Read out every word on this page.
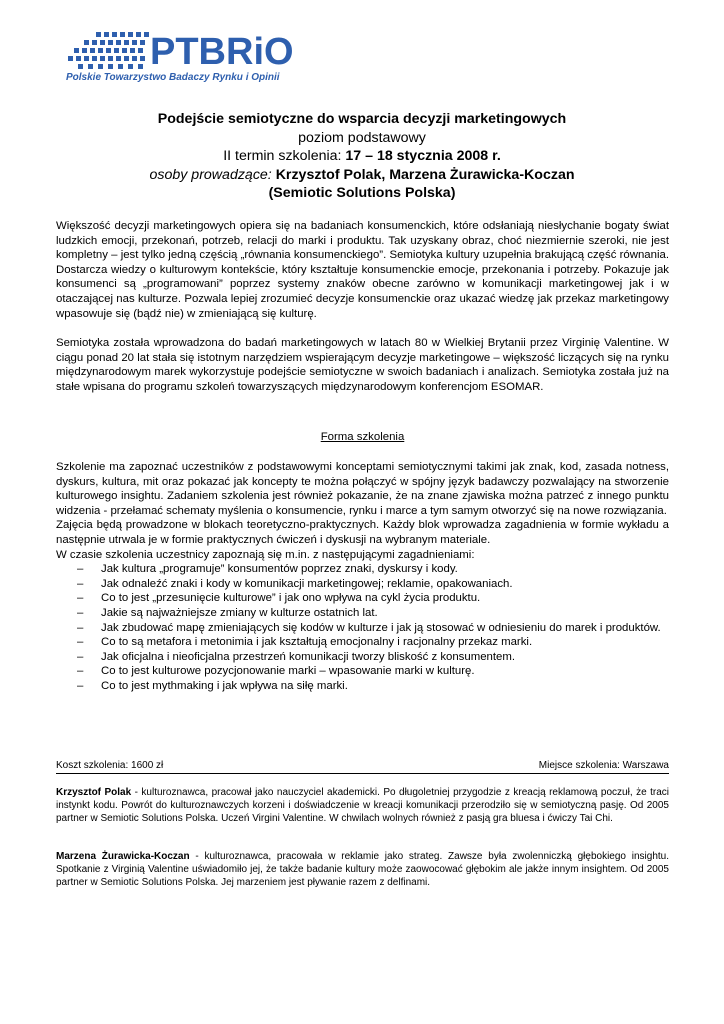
PTBRiO
Polskie Towarzystwo Badaczy Rynku i Opinii
Podejście semiotyczne do wsparcia decyzji marketingowych
poziom podstawowy
II termin szkolenia: 17 – 18 stycznia 2008 r.
osoby prowadzące: Krzysztof Polak, Marzena Żurawicka-Koczan
(Semiotic Solutions Polska)

Większość decyzji marketingowych opiera się na badaniach konsumenckich, które odsłaniają niesłychanie bogaty świat ludzkich emocji, przekonań, potrzeb, relacji do marki i produktu. Tak uzyskany obraz, choć niezmiernie szeroki, nie jest kompletny – jest tylko jedną częścią „równania konsumenckiego”. Semiotyka kultury uzupełnia brakującą część równania. Dostarcza wiedzy o kulturowym kontekście, który kształtuje konsumenckie emocje, przekonania i potrzeby. Pokazuje jak konsumenci są „programowani” poprzez systemy znaków obecne zarówno w komunikacji marketingowej jak i w otaczającej nas kulturze. Pozwala lepiej zrozumieć decyzje konsumenckie oraz ukazać wiedzę jak przekaz marketingowy wpasowuje się (bądź nie) w zmieniającą się kulturę.

Semiotyka została wprowadzona do badań marketingowych w latach 80 w Wielkiej Brytanii przez Virginię Valentine. W ciągu ponad 20 lat stała się istotnym narzędziem wspierającym decyzje marketingowe – większość liczących się na rynku międzynarodowym marek wykorzystuje podejście semiotyczne w swoich badaniach i analizach. Semiotyka została już na stałe wpisana do programu szkoleń towarzyszących międzynarodowym konferencjom ESOMAR.

Forma szkolenia

Szkolenie ma zapoznać uczestników z podstawowymi konceptami semiotycznymi takimi jak znak, kod, zasada notness, dyskurs, kultura, mit oraz pokazać jak koncepty te można połączyć w spójny język badawczy pozwalający na stworzenie kulturowego insightu. Zadaniem szkolenia jest również pokazanie, że na znane zjawiska można patrzeć z innego punktu widzenia - przełamać schematy myślenia o konsumencie, rynku i marce a tym samym otworzyć się na nowe rozwiązania.

Zajęcia będą prowadzone w blokach teoretyczno-praktycznych. Każdy blok wprowadza zagadnienia w formie wykładu a następnie utrwala je w formie praktycznych ćwiczeń i dyskusji na wybranym materiale.

W czasie szkolenia uczestnicy zapoznają się m.in. z następującymi zagadnieniami:

– Jak kultura „programuje” konsumentów poprzez znaki, dyskursy i kody.
– Jak odnaleźć znaki i kody w komunikacji marketingowej; reklamie, opakowaniach.
– Co to jest „przesunięcie kulturowe” i jak ono wpływa na cykl życia produktu.
– Jakie są najważniejsze zmiany w kulturze ostatnich lat.
– Jak zbudować mapę zmieniających się kodów w kulturze i jak ją stosować w odniesieniu do marek i produktów.
– Co to są metafora i metonimia i jak kształtują emocjonalny i racjonalny przekaz marki.
– Jak oficjalna i nieoficjalna przestrzeń komunikacji tworzy bliskość z konsumentem.
– Co to jest kulturowe pozycjonowanie marki – wpasowanie marki w kulturę.
– Co to jest mythmaking i jak wpływa na siłę marki.
Koszt szkolenia: 1600 zł	Miejsce szkolenia: Warszawa
Krzysztof Polak - kulturoznawca, pracował jako nauczyciel akademicki. Po długoletniej przygodzie z kreacją reklamową poczuł, że traci instynkt kodu. Powrót do kulturoznawczych korzeni i doświadczenie w kreacji komunikacji przerodziło się w semiotyczną pasję. Od 2005 partner w Semiotic Solutions Polska. Uczeń Virgini Valentine. W chwilach wolnych również z pasją gra bluesa i ćwiczy Tai Chi.
Marzena Żurawicka-Koczan - kulturoznawca, pracowała w reklamie jako strateg. Zawsze była zwolenniczką głębokiego insightu. Spotkanie z Virginią Valentine uświadomiło jej, że także badanie kultury może zaowocować głębokim ale jakże innym insightem. Od 2005 partner w Semiotic Solutions Polska. Jej marzeniem jest pływanie razem z delfinami.
